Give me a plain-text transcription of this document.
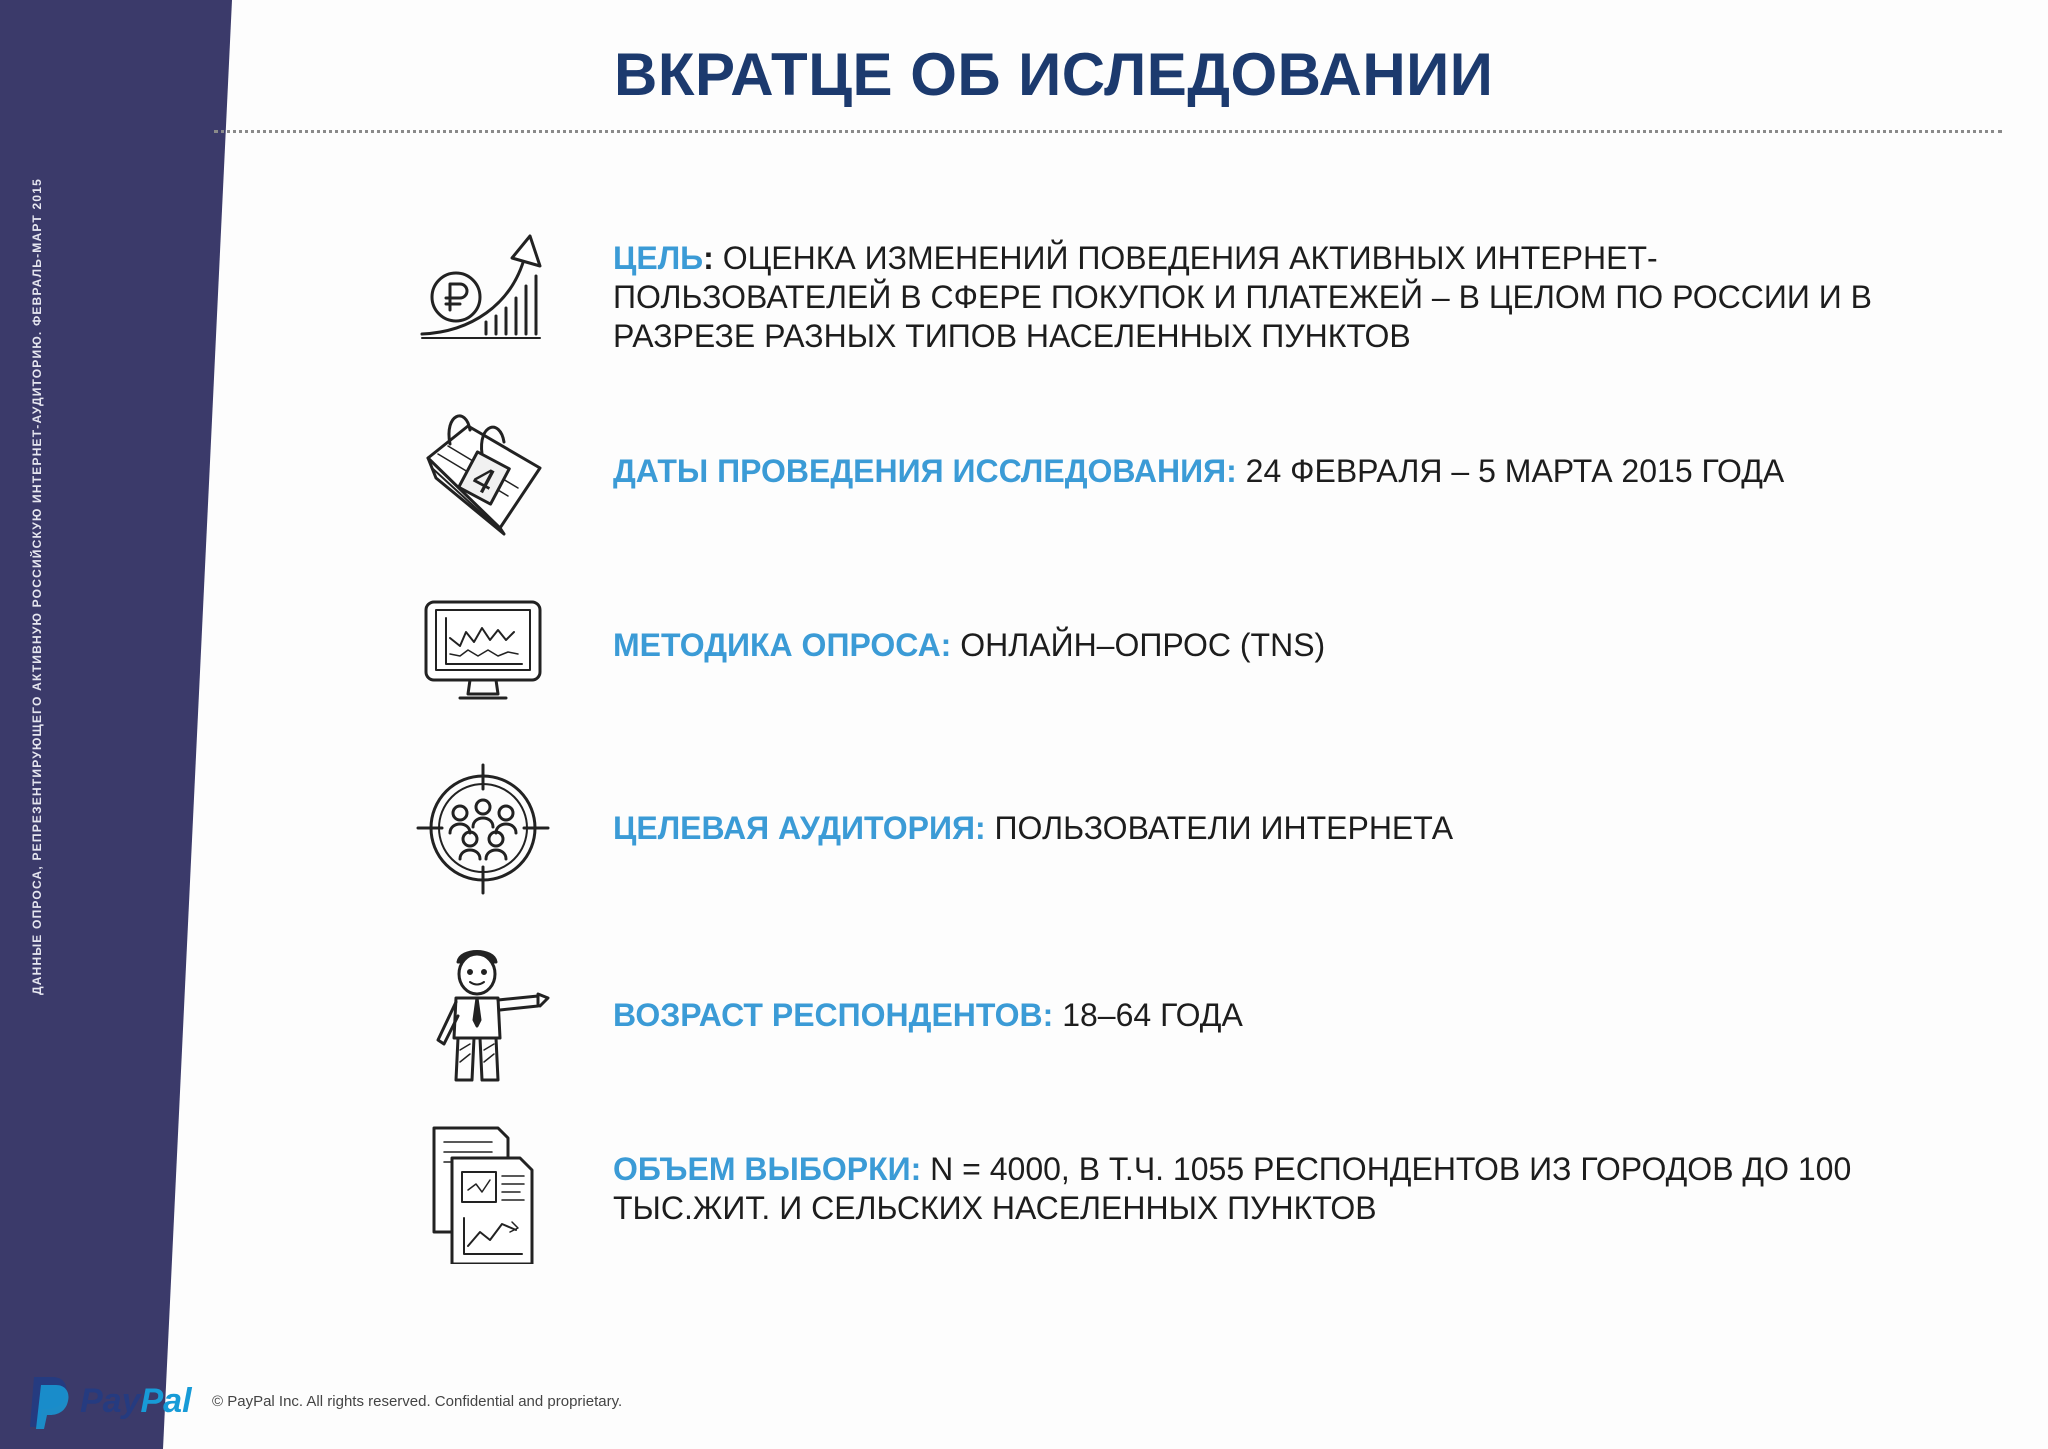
ДАННЫЕ ОПРОСА, РЕПРЕЗЕНТИРУЮЩЕГО АКТИВНУЮ РОССИЙСКУЮ ИНТЕРНЕТ-АУДИТОРИЮ. ФЕВРАЛЬ-МАРТ 2015
ВКРАТЦЕ ОБ ИСЛЕДОВАНИИ

ЦЕЛЬ: ОЦЕНКА ИЗМЕНЕНИЙ ПОВЕДЕНИЯ АКТИВНЫХ ИНТЕРНЕТ-ПОЛЬЗОВАТЕЛЕЙ В СФЕРЕ ПОКУПОК И ПЛАТЕЖЕЙ – В ЦЕЛОМ ПО РОССИИ И В РАЗРЕЗЕ РАЗНЫХ ТИПОВ НАСЕЛЕННЫХ ПУНКТОВ

4	ДАТЫ ПРОВЕДЕНИЯ ИССЛЕДОВАНИЯ: 24 ФЕВРАЛЯ – 5 МАРТА 2015 ГОДА

МЕТОДИКА ОПРОСА: ОНЛАЙН–ОПРОС (TNS)

ЦЕЛЕВАЯ АУДИТОРИЯ: ПОЛЬЗОВАТЕЛИ ИНТЕРНЕТА

ВОЗРАСТ РЕСПОНДЕНТОВ: 18–64 ГОДА

ОБЪЕМ ВЫБОРКИ: N = 4000, В Т.Ч. 1055 РЕСПОНДЕНТОВ ИЗ ГОРОДОВ ДО 100 ТЫС.ЖИТ. И СЕЛЬСКИХ НАСЕЛЕННЫХ ПУНКТОВ

PayPal © PayPal Inc. All rights reserved. Confidential and proprietary.
